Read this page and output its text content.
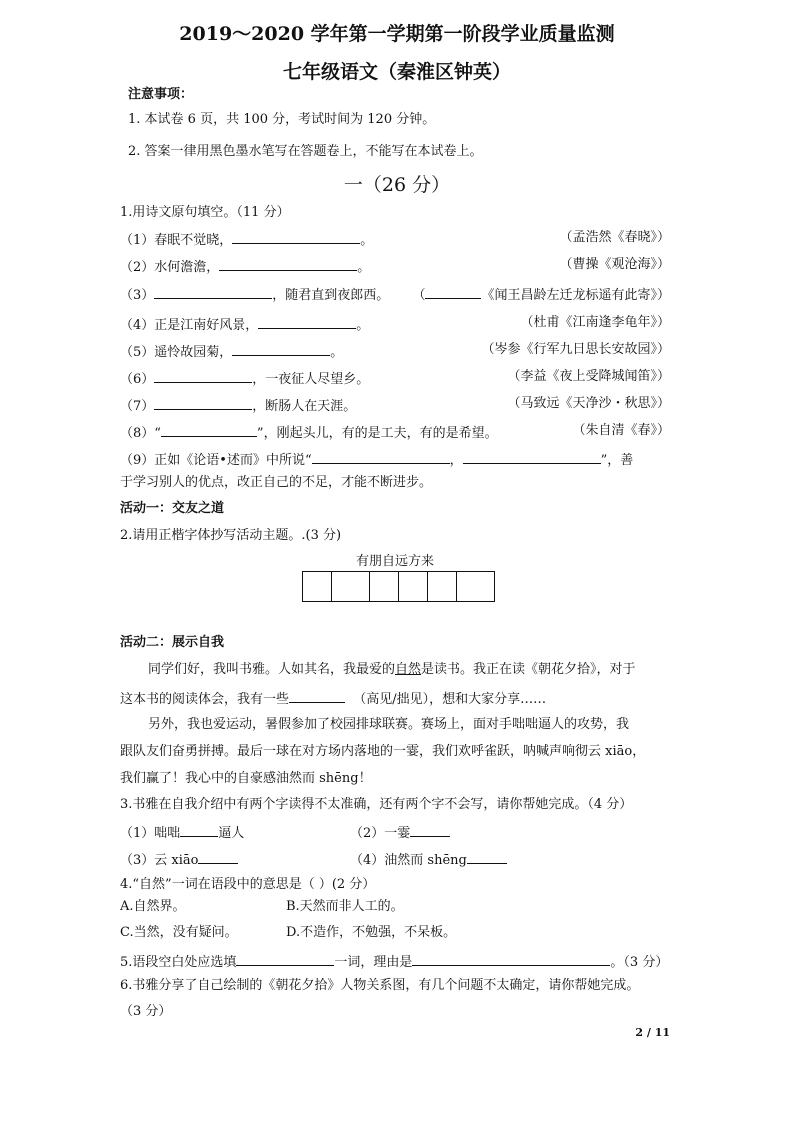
2019～2020 学年第一学期第一阶段学业质量监测
七年级语文（秦淮区钟英）
注意事项：
1. 本试卷 6 页，共 100 分，考试时间为 120 分钟。
2. 答案一律用黑色墨水笔写在答题卷上，不能写在本试卷上。
一（26 分）
1.用诗文原句填空。（11 分）
（1）春眠不觉晓，	。	（孟浩然《春晓》）
（2）水何澹澹，	。	（曹操《观沧海》）
（3）	，随君直到夜郎西。 （	《闻王昌龄左迁龙标遥有此寄》）
（4）正是江南好风景，	。	（杜甫《江南逢李龟年》）
（5）遥怜故园菊，	。	（岑参《行军九日思长安故园》）
（6）	，一夜征人尽望乡。	（李益《夜上受降城闻笛》）
（7）	，断肠人在天涯。	（马致远《天净沙・秋思》）
（8）“	”，刚起头儿，有的是工夫，有的是希望。	（朱自清《春》）
（9）正如《论语•述而》中所说“	，	”，善
于学习别人的优点，改正自己的不足，才能不断进步。
活动一：交友之道
2.请用正楷字体抄写活动主题。.(3 分)
有朋自远方来
活动二：展示自我
同学们好，我叫书雅。人如其名，我最爱的自然是读书。我正在读《朝花夕拾》，对于
这本书的阅读体会，我有一些	（高见/拙见），想和大家分享……
另外，我也爱运动，暑假参加了校园排球联赛。赛场上，面对手咄咄逼人的攻势，我
跟队友们奋勇拼搏。最后一球在对方场内落地的一霎，我们欢呼雀跃，呐喊声响彻云 xiāo，
我们赢了！我心中的自豪感油然而 shēng！
3.书雅在自我介绍中有两个字读得不太准确，还有两个字不会写，请你帮她完成。（4 分）
（1）咄咄	逼人	（2）一霎
（3）云 xiāo	（4）油然而 shēng
4.“自然”一词在语段中的意思是（ ）(2 分）
A.自然界。	B.天然而非人工的。
C.当然，没有疑问。	D.不造作，不勉强，不呆板。
5.语段空白处应选填	一词，理由是	。（3 分）
6.书雅分享了自己绘制的《朝花夕拾》人物关系图，有几个问题不太确定，请你帮她完成。
（3 分）
2 / 11
